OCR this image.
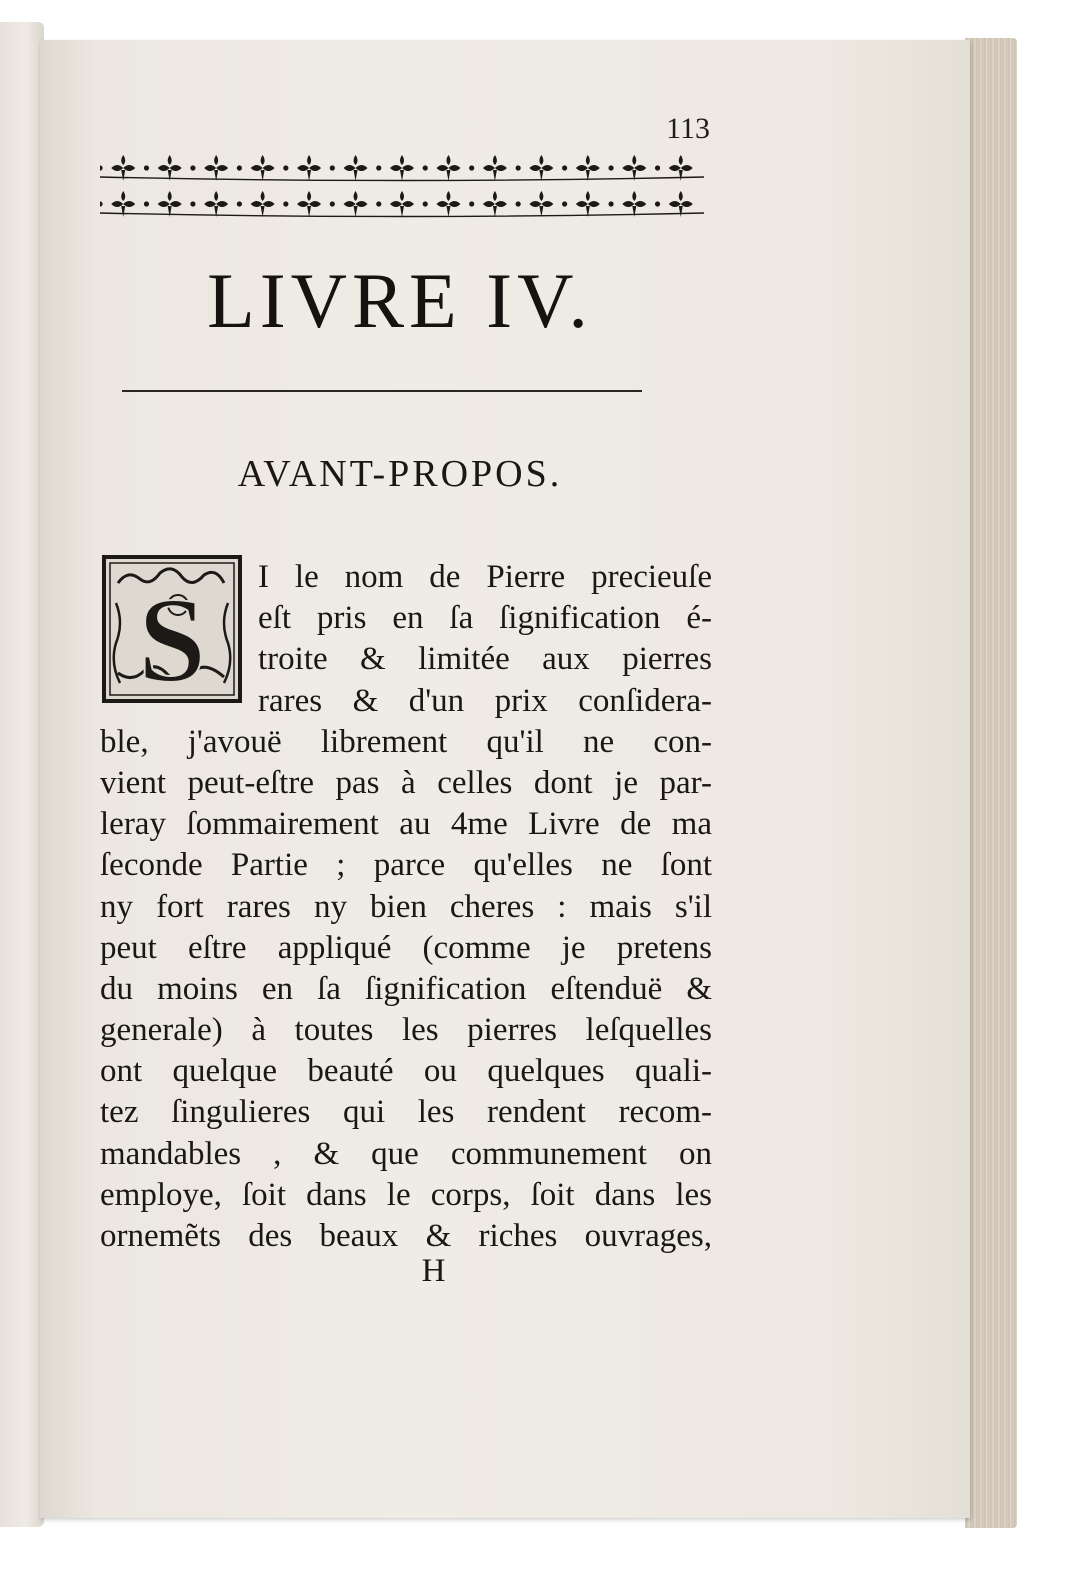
113
LIVRE IV.
AVANT-PROPOS.
S	I le nom de Pierre precieuſe
eſt pris en ſa ſignification é-
troite & limitée aux pierres
rares & d'un prix conſidera-
ble, j'avouë librement qu'il ne con-
vient peut-eſtre pas à celles dont je par-
leray ſommairement au 4me Livre de ma
ſeconde Partie ; parce qu'elles ne ſont
ny fort rares ny bien cheres : mais s'il
peut eſtre appliqué (comme je pretens
du moins en ſa ſignification eſtenduë &
generale) à toutes les pierres leſquelles
ont quelque beauté ou quelques quali-
tez ſingulieres qui les rendent recom-
mandables , & que communement on
employe, ſoit dans le corps, ſoit dans les
ornemẽts des beaux & riches ouvrages,
H
